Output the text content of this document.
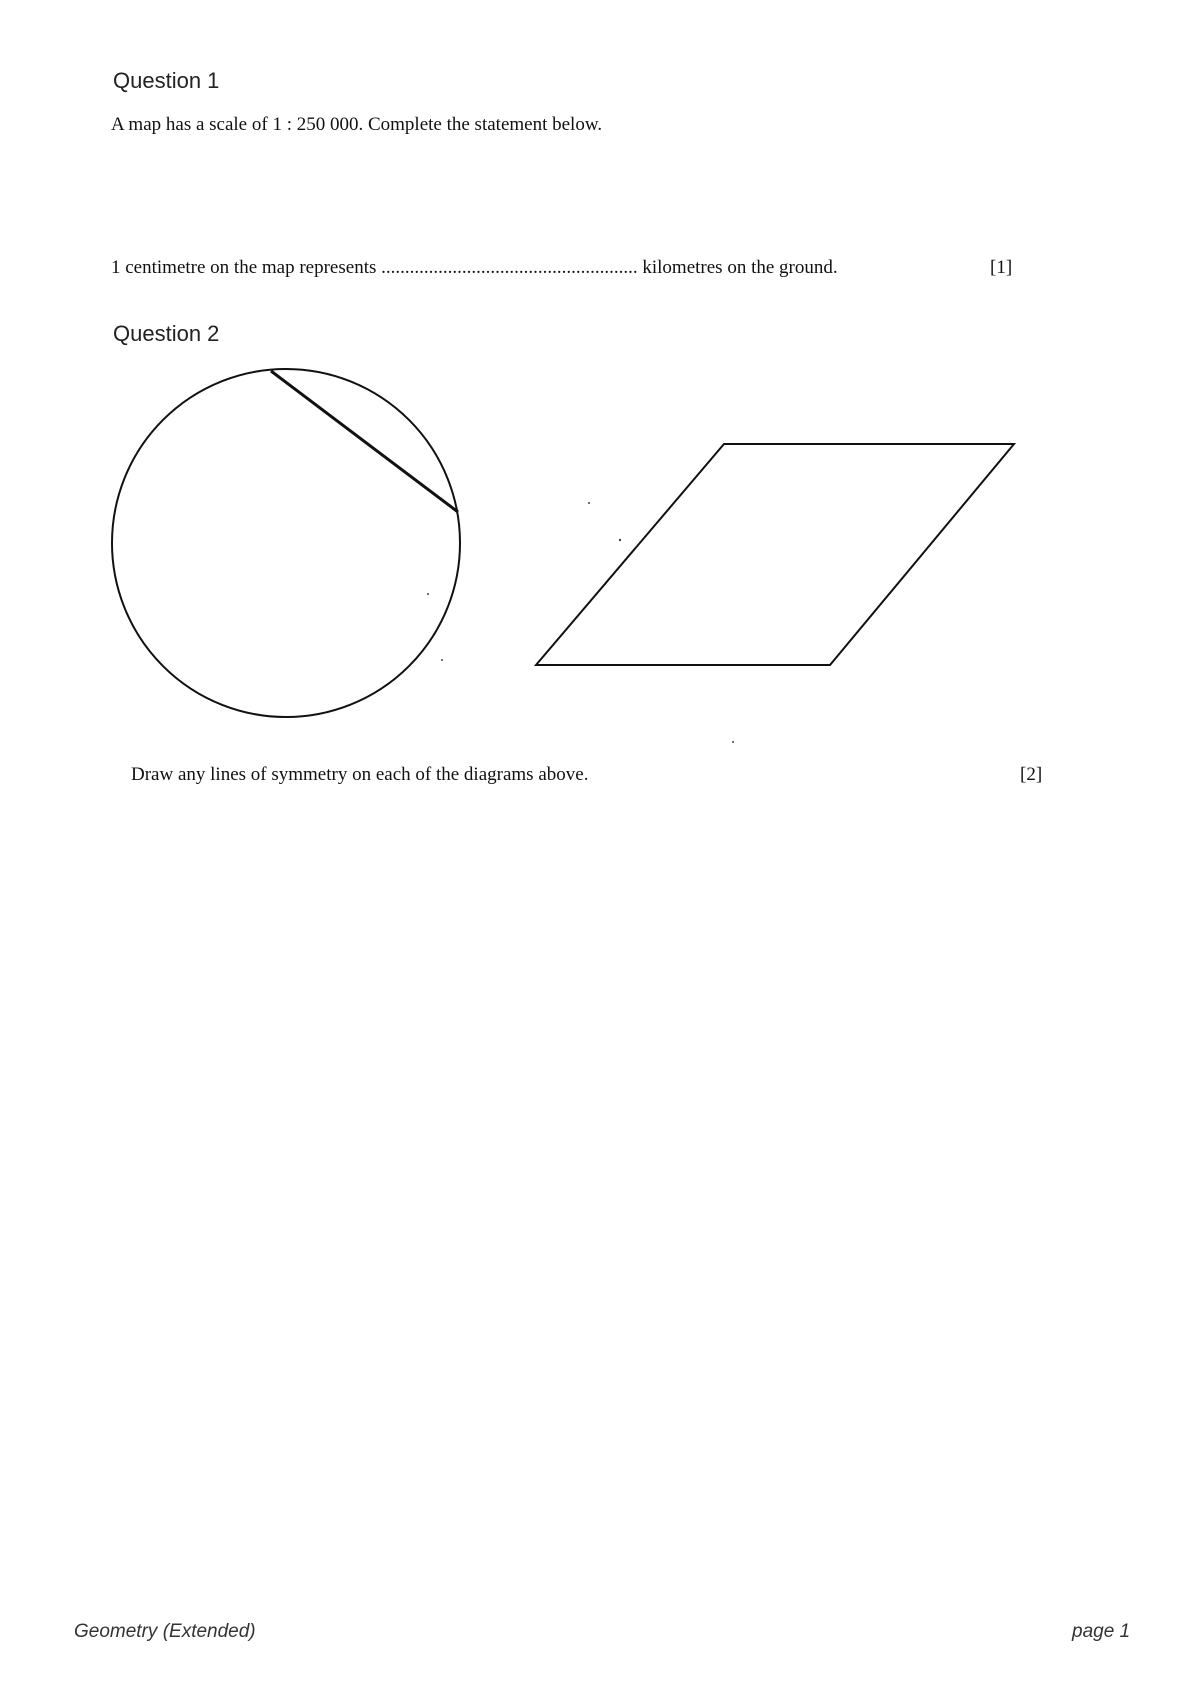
Question 1

A map has a scale of 1 : 250 000. Complete the statement below.

1 centimetre on the map represents ...................................................... kilometres on the ground.	[1]
Question 2

Draw any lines of symmetry on each of the diagrams above.	[2]
Geometry (Extended)	page 1
